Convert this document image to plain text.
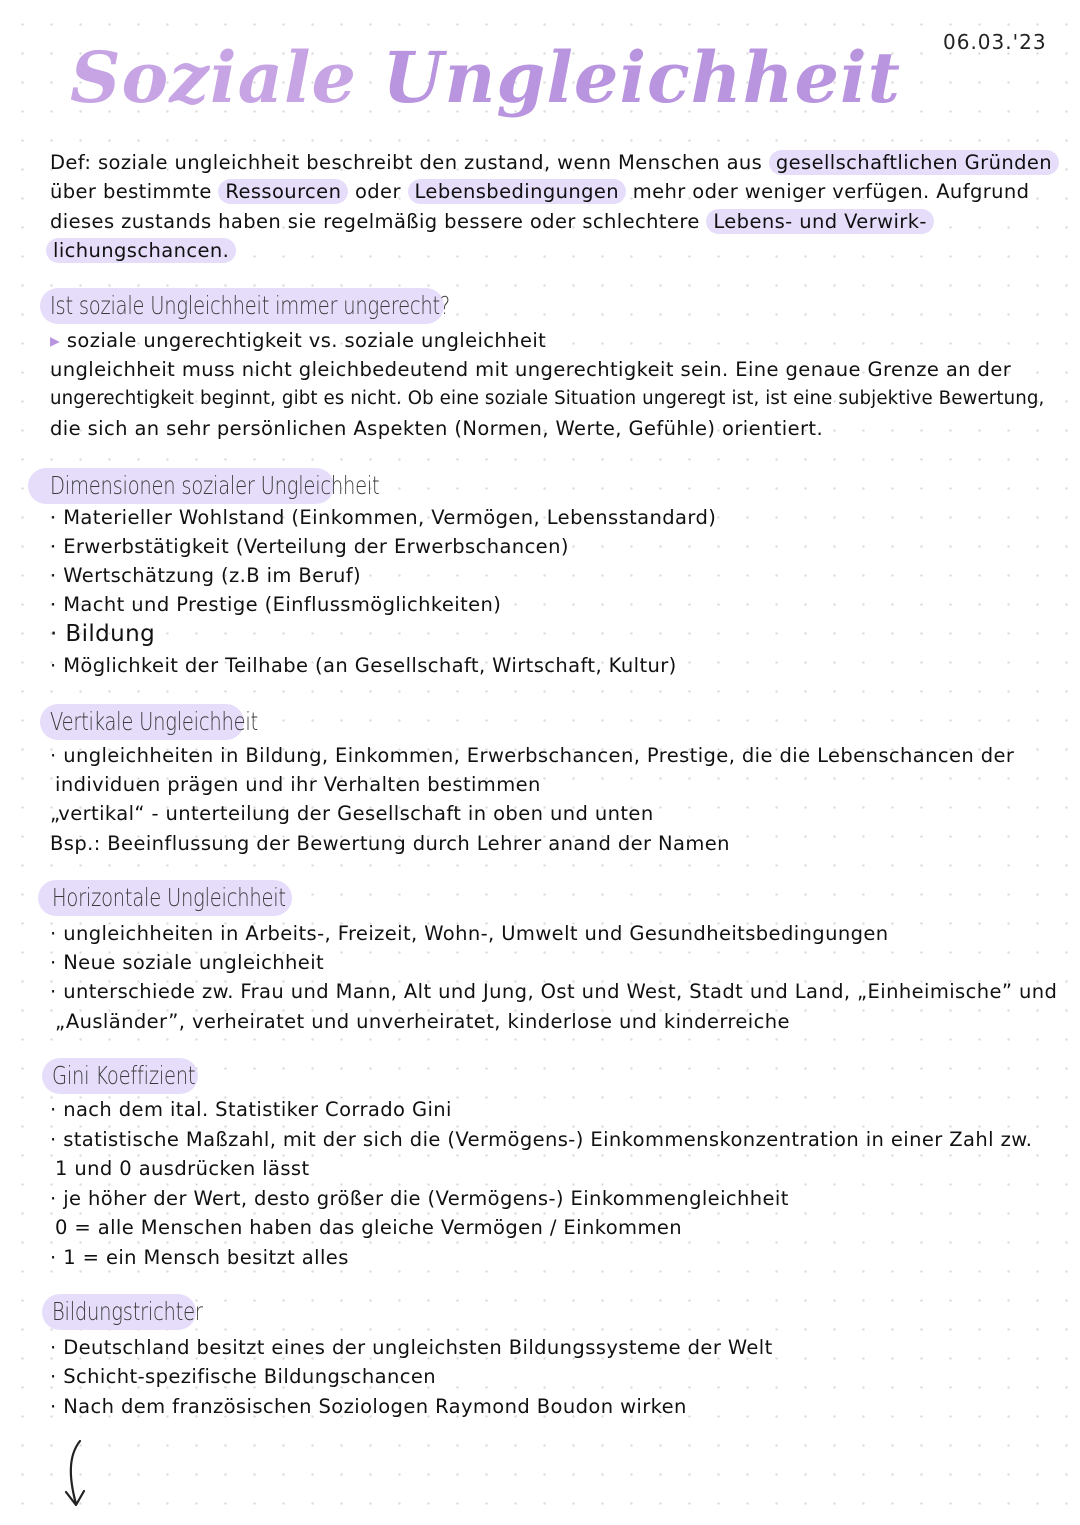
06.03.'23
Soziale Ungleichheit
Def: soziale ungleichheit beschreibt den zustand, wenn Menschen aus gesellschaftlichen Gründen
über bestimmte Ressourcen oder Lebensbedingungen mehr oder weniger verfügen. Aufgrund
dieses zustands haben sie regelmäßig bessere oder schlechtere Lebens- und Verwirk-
lichungschancen.
Ist soziale Ungleichheit immer ungerecht?
▸ soziale ungerechtigkeit vs. soziale ungleichheit
ungleichheit muss nicht gleichbedeutend mit ungerechtigkeit sein. Eine genaue Grenze an der
ungerechtigkeit beginnt, gibt es nicht. Ob eine soziale Situation ungeregt ist, ist eine subjektive Bewertung,
die sich an sehr persönlichen Aspekten (Normen, Werte, Gefühle) orientiert.
Dimensionen sozialer Ungleichheit
· Materieller Wohlstand (Einkommen, Vermögen, Lebensstandard)
· Erwerbstätigkeit (Verteilung der Erwerbschancen)
· Wertschätzung (z.B im Beruf)
· Macht und Prestige (Einflussmöglichkeiten)
· Bildung
· Möglichkeit der Teilhabe (an Gesellschaft, Wirtschaft, Kultur)
Vertikale Ungleichheit
· ungleichheiten in Bildung, Einkommen, Erwerbschancen, Prestige, die die Lebenschancen der
individuen prägen und ihr Verhalten bestimmen
„vertikal“ - unterteilung der Gesellschaft in oben und unten
Bsp.: Beeinflussung der Bewertung durch Lehrer anand der Namen
Horizontale Ungleichheit
· ungleichheiten in Arbeits-, Freizeit, Wohn-, Umwelt und Gesundheitsbedingungen
· Neue soziale ungleichheit
· unterschiede zw. Frau und Mann, Alt und Jung, Ost und West, Stadt und Land, „Einheimische” und
„Ausländer”, verheiratet und unverheiratet, kinderlose und kinderreiche
Gini Koeffizient
· nach dem ital. Statistiker Corrado Gini
· statistische Maßzahl, mit der sich die (Vermögens-) Einkommenskonzentration in einer Zahl zw.
1 und 0 ausdrücken lässt
· je höher der Wert, desto größer die (Vermögens-) Einkommengleichheit
0 = alle Menschen haben das gleiche Vermögen / Einkommen
· 1 = ein Mensch besitzt alles
Bildungstrichter
· Deutschland besitzt eines der ungleichsten Bildungssysteme der Welt
· Schicht-spezifische Bildungschancen
· Nach dem französischen Soziologen Raymond Boudon wirken
